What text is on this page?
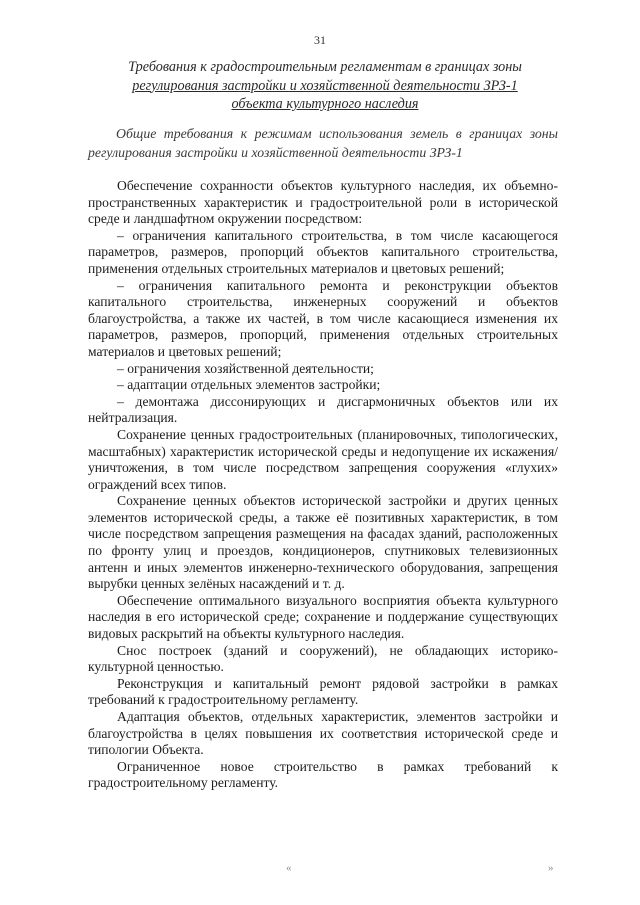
31
Требования к градостроительным регламентам в границах зоны
регулирования застройки и хозяйственной деятельности ЗРЗ-1
объекта культурного наследия
Общие требования к режимам использования земель в границах зоны регулирования застройки и хозяйственной деятельности ЗРЗ-1

Обеспечение сохранности объектов культурного наследия, их объемно-пространственных характеристик и градостроительной роли в исторической среде и ландшафтном окружении посредством:

– ограничения капитального строительства, в том числе касающегося параметров, размеров, пропорций объектов капитального строительства, применения отдельных строительных материалов и цветовых решений;

– ограничения капитального ремонта и реконструкции объектов капитального строительства, инженерных сооружений и объектов благоустройства, а также их частей, в том числе касающиеся изменения их параметров, размеров, пропорций, применения отдельных строительных материалов и цветовых решений;

– ограничения хозяйственной деятельности;

– адаптации отдельных элементов застройки;

– демонтажа диссонирующих и дисгармоничных объектов или их нейтрализация.

Сохранение ценных градостроительных (планировочных, типологических, масштабных) характеристик исторической среды и недопущение их искажения/уничтожения, в том числе посредством запрещения сооружения «глухих» ограждений всех типов.

Сохранение ценных объектов исторической застройки и других ценных элементов исторической среды, а также её позитивных характеристик, в том числе посредством запрещения размещения на фасадах зданий, расположенных по фронту улиц и проездов, кондиционеров, спутниковых телевизионных антенн и иных элементов инженерно-технического оборудования, запрещения вырубки ценных зелёных насаждений и т. д.

Обеспечение оптимального визуального восприятия объекта культурного наследия в его исторической среде; сохранение и поддержание существующих видовых раскрытий на объекты культурного наследия.

Снос построек (зданий и сооружений), не обладающих историко-культурной ценностью.

Реконструкция и капитальный ремонт рядовой застройки в рамках требований к градостроительному регламенту.

Адаптация объектов, отдельных характеристик, элементов застройки и благоустройства в целях повышения их соответствия исторической среде и типологии Объекта.

Ограниченное новое строительство в рамках требований к градостроительному регламенту.

«	»
